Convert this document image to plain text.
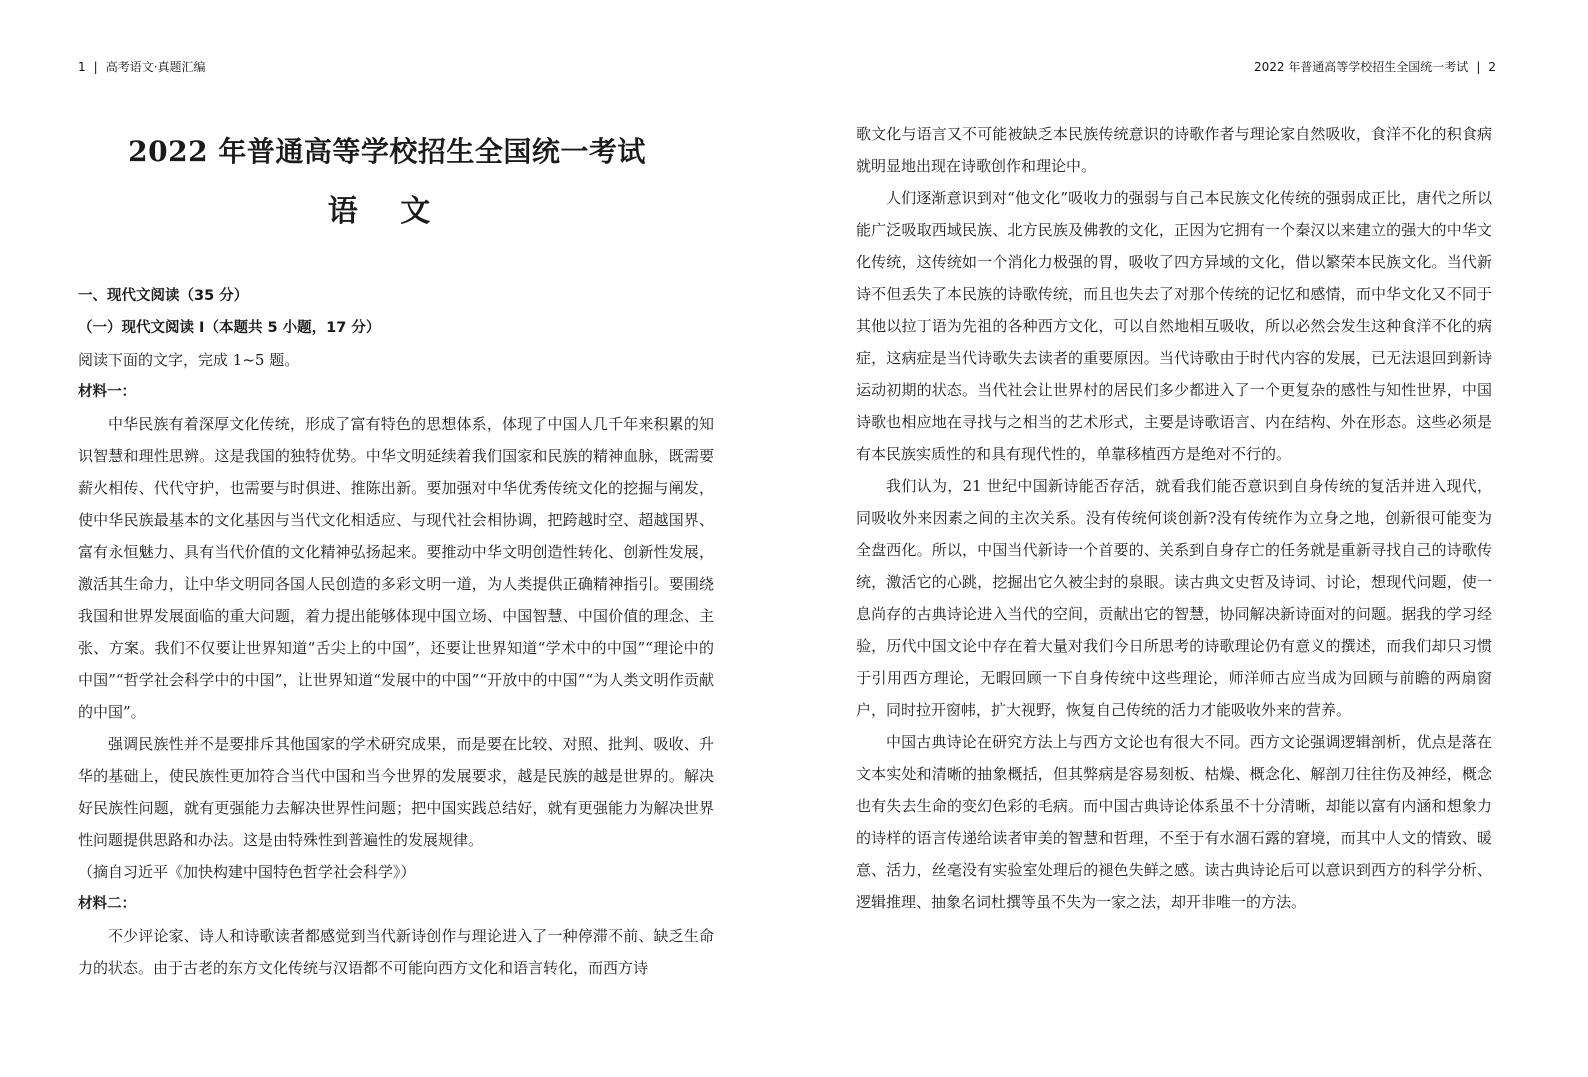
1 | 高考语文·真题汇编
2022 年普通高等学校招生全国统一考试
语 文

一、现代文阅读（35 分）

（一）现代文阅读 Ⅰ（本题共 5 小题，17 分）

阅读下面的文字，完成 1~5 题。

材料一：

中华民族有着深厚文化传统，形成了富有特色的思想体系，体现了中国人几千年来积累的知识智慧和理性思辨。这是我国的独特优势。中华文明延续着我们国家和民族的精神血脉，既需要薪火相传、代代守护，也需要与时俱进、推陈出新。要加强对中华优秀传统文化的挖掘与阐发，使中华民族最基本的文化基因与当代文化相适应、与现代社会相协调，把跨越时空、超越国界、富有永恒魅力、具有当代价值的文化精神弘扬起来。要推动中华文明创造性转化、创新性发展，激活其生命力，让中华文明同各国人民创造的多彩文明一道，为人类提供正确精神指引。要围绕我国和世界发展面临的重大问题，着力提出能够体现中国立场、中国智慧、中国价值的理念、主张、方案。我们不仅要让世界知道“舌尖上的中国”，还要让世界知道“学术中的中国”“理论中的中国”“哲学社会科学中的中国”，让世界知道“发展中的中国”“开放中的中国”“为人类文明作贡献的中国”。

强调民族性并不是要排斥其他国家的学术研究成果，而是要在比较、对照、批判、吸收、升华的基础上，使民族性更加符合当代中国和当今世界的发展要求，越是民族的越是世界的。解决好民族性问题，就有更强能力去解决世界性问题；把中国实践总结好，就有更强能力为解决世界性问题提供思路和办法。这是由特殊性到普遍性的发展规律。

（摘自习近平《加快构建中国特色哲学社会科学》）

材料二：

不少评论家、诗人和诗歌读者都感觉到当代新诗创作与理论进入了一种停滞不前、缺乏生命力的状态。由于古老的东方文化传统与汉语都不可能向西方文化和语言转化，而西方诗

2022 年普通高等学校招生全国统一考试 | 2

歌文化与语言又不可能被缺乏本民族传统意识的诗歌作者与理论家自然吸收，食洋不化的积食病就明显地出现在诗歌创作和理论中。

人们逐渐意识到对“他文化”吸收力的强弱与自己本民族文化传统的强弱成正比，唐代之所以能广泛吸取西域民族、北方民族及佛教的文化，正因为它拥有一个秦汉以来建立的强大的中华文化传统，这传统如一个消化力极强的胃，吸收了四方异域的文化，借以繁荣本民族文化。当代新诗不但丢失了本民族的诗歌传统，而且也失去了对那个传统的记忆和感情，而中华文化又不同于其他以拉丁语为先祖的各种西方文化，可以自然地相互吸收，所以必然会发生这种食洋不化的病症，这病症是当代诗歌失去读者的重要原因。当代诗歌由于时代内容的发展，已无法退回到新诗运动初期的状态。当代社会让世界村的居民们多少都进入了一个更复杂的感性与知性世界，中国诗歌也相应地在寻找与之相当的艺术形式，主要是诗歌语言、内在结构、外在形态。这些必须是有本民族实质性的和具有现代性的，单靠移植西方是绝对不行的。

我们认为，21 世纪中国新诗能否存活，就看我们能否意识到自身传统的复活并进入现代，同吸收外来因素之间的主次关系。没有传统何谈创新?没有传统作为立身之地，创新很可能变为全盘西化。所以，中国当代新诗一个首要的、关系到自身存亡的任务就是重新寻找自己的诗歌传统，激活它的心跳，挖掘出它久被尘封的泉眼。读古典文史哲及诗词、讨论，想现代问题，使一息尚存的古典诗论进入当代的空间，贡献出它的智慧，协同解决新诗面对的问题。据我的学习经验，历代中国文论中存在着大量对我们今日所思考的诗歌理论仍有意义的撰述，而我们却只习惯于引用西方理论，无暇回顾一下自身传统中这些理论，师洋师古应当成为回顾与前瞻的两扇窗户，同时拉开窗帏，扩大视野，恢复自己传统的活力才能吸收外来的营养。

中国古典诗论在研究方法上与西方文论也有很大不同。西方文论强调逻辑剖析，优点是落在文本实处和清晰的抽象概括，但其弊病是容易刻板、枯燥、概念化、解剖刀往往伤及神经，概念也有失去生命的变幻色彩的毛病。而中国古典诗论体系虽不十分清晰，却能以富有内涵和想象力的诗样的语言传递给读者审美的智慧和哲理，不至于有水涸石露的窘境，而其中人文的情致、暖意、活力，丝毫没有实验室处理后的褪色失鲜之感。读古典诗论后可以意识到西方的科学分析、逻辑推理、抽象名词杜撰等虽不失为一家之法，却开非唯一的方法。
